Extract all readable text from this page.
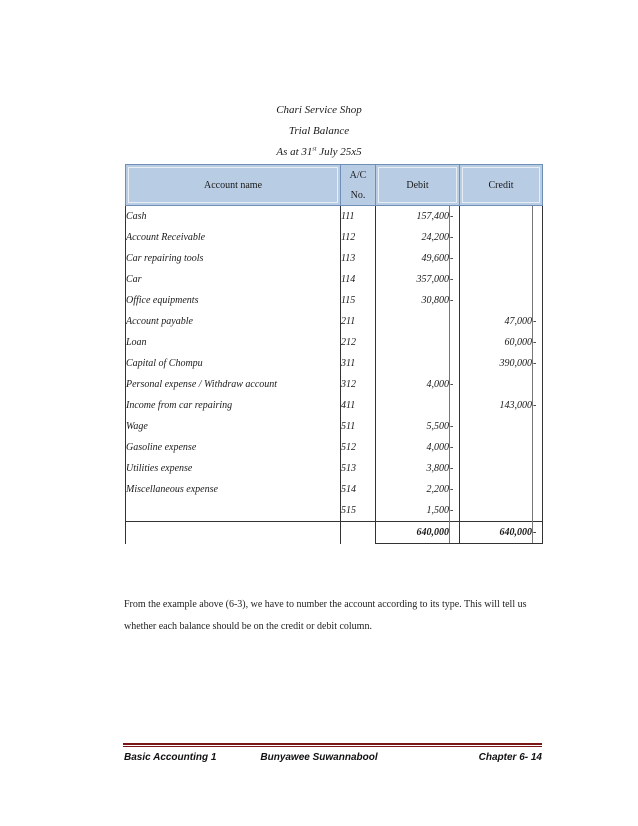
Chari Service Shop
Trial Balance
As at 31st July 25x5
Account name	A/C	Debit		Credit	

	No.				
Cash	111	157,400	-		
Account Receivable	112	24,200	-		
Car repairing tools	113	49,600	-		
Car	114	357,000	-		
Office equipments	115	30,800	-		
Account payable	211			47,000	-
Loan	212			60,000	-
Capital of Chompu	311			390,000	-
Personal expense / Withdraw account	312	4,000	-		
Income from car repairing	411			143,000	-
Wage	511	5,500	-		
Gasoline expense	512	4,000	-		
Utilities expense	513	3,800	-		
Miscellaneous expense	514	2,200	-		
	515	1,500	-		
		640,000		640,000	-
From the example above (6-3), we have to number the account according to its type. This will tell us whether each balance should be on the credit or debit column.
Basic Accounting 1	Bunyawee Suwannabool	Chapter 6- 14
